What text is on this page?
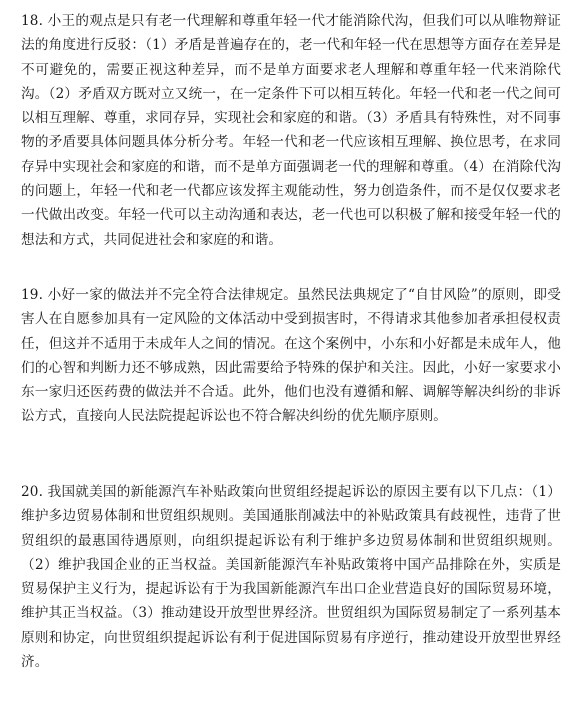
18. 小王的观点是只有老一代理解和尊重年轻一代才能消除代沟，但我们可以从唯物辩证法的角度进行反驳：（1）矛盾是普遍存在的，老一代和年轻一代在思想等方面存在差异是不可避免的，需要正视这种差异，而不是单方面要求老人理解和尊重年轻一代来消除代沟。（2）矛盾双方既对立又统一，在一定条件下可以相互转化。年轻一代和老一代之间可以相互理解、尊重，求同存异，实现社会和家庭的和谐。（3）矛盾具有特殊性，对不同事物的矛盾要具体问题具体分析分考。年轻一代和老一代应该相互理解、换位思考，在求同存异中实现社会和家庭的和谐，而不是单方面强调老一代的理解和尊重。（4）在消除代沟的问题上，年轻一代和老一代都应该发挥主观能动性，努力创造条件，而不是仅仅要求老一代做出改变。年轻一代可以主动沟通和表达，老一代也可以积极了解和接受年轻一代的想法和方式，共同促进社会和家庭的和谐。

19. 小好一家的做法并不完全符合法律规定。虽然民法典规定了“自甘风险”的原则，即受害人在自愿参加具有一定风险的文体活动中受到损害时，不得请求其他参加者承担侵权责任，但这并不适用于未成年人之间的情况。在这个案例中，小东和小好都是未成年人，他们的心智和判断力还不够成熟，因此需要给予特殊的保护和关注。因此，小好一家要求小东一家归还医药费的做法并不合适。此外，他们也没有遵循和解、调解等解决纠纷的非诉讼方式，直接向人民法院提起诉讼也不符合解决纠纷的优先顺序原则。

20. 我国就美国的新能源汽车补贴政策向世贸组经提起诉讼的原因主要有以下几点：（1）维护多边贸易体制和世贸组织规则。美国通胀削减法中的补贴政策具有歧视性，违背了世贸组织的最惠国待遇原则，向组织提起诉讼有利于维护多边贸易体制和世贸组织规则。（2）维护我国企业的正当权益。美国新能源汽车补贴政策将中国产品排除在外，实质是贸易保护主义行为，提起诉讼有于为我国新能源汽车出口企业营造良好的国际贸易环境，维护其正当权益。（3）推动建设开放型世界经济。世贸组织为国际贸易制定了一系列基本原则和协定，向世贸组织提起诉讼有利于促进国际贸易有序逆行，推动建设开放型世界经济。
